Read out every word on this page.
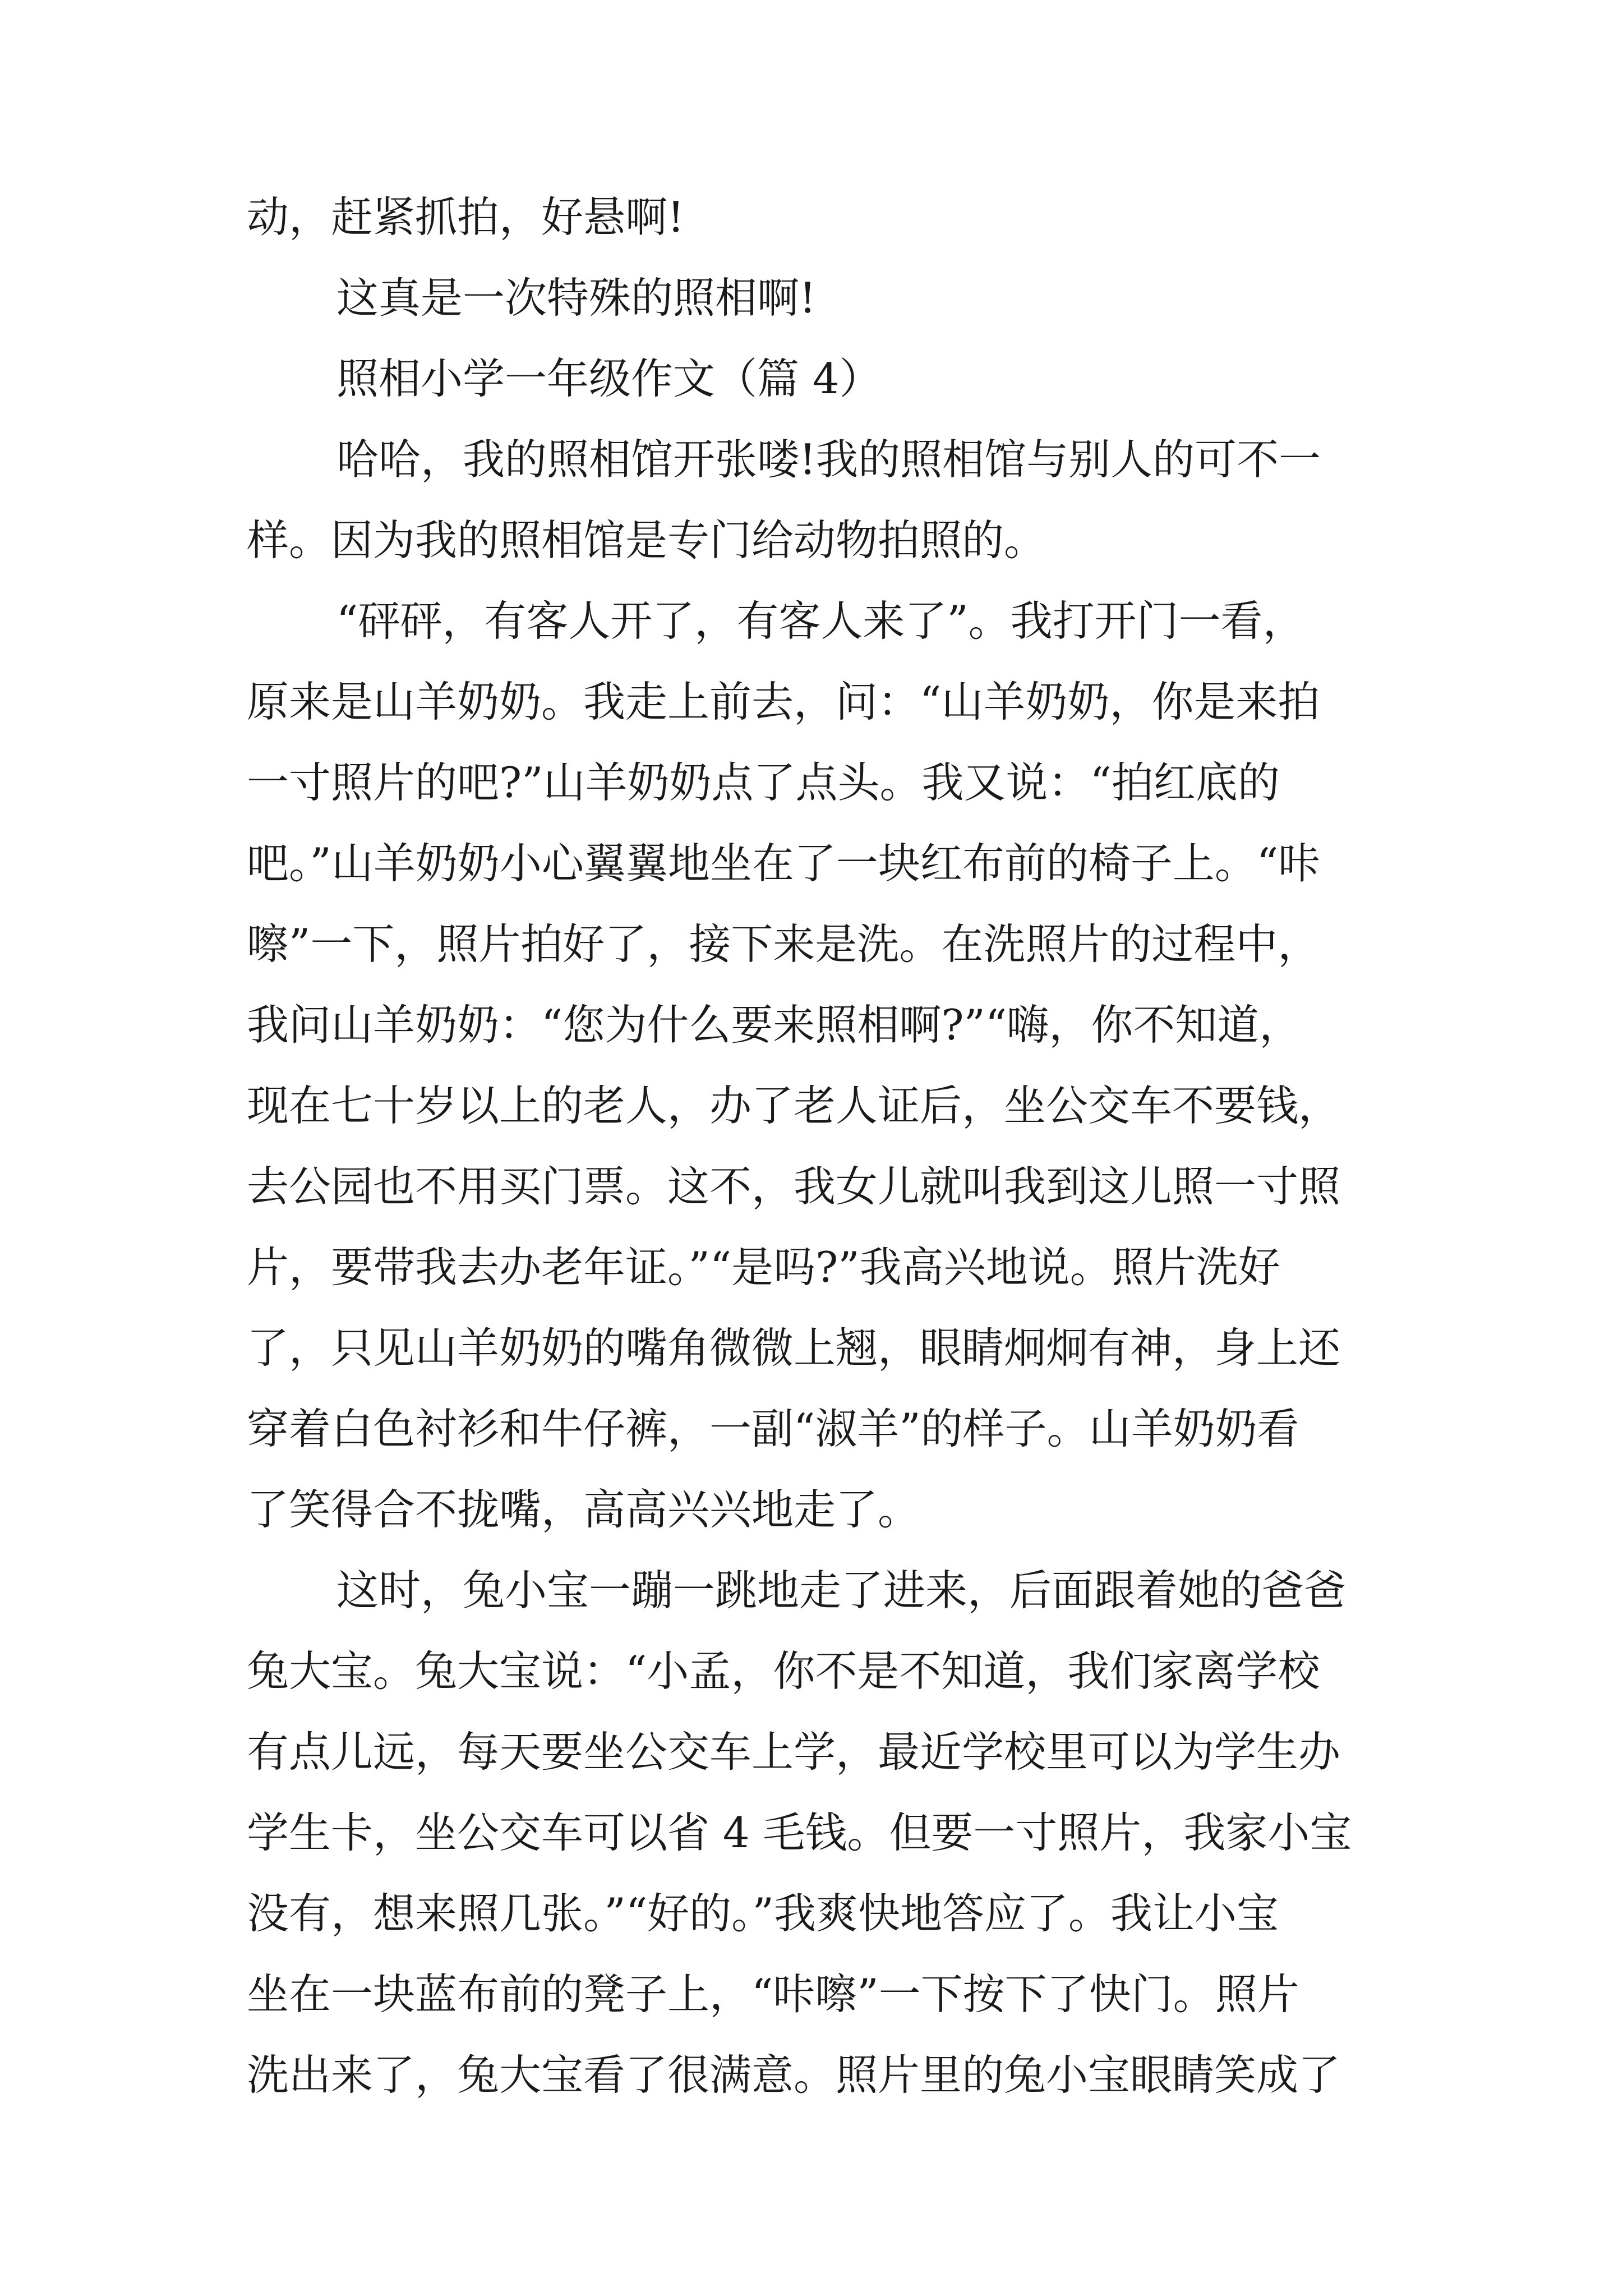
动，赶紧抓拍，好悬啊!
这真是一次特殊的照相啊!
照相小学一年级作文（篇 4）
哈哈，我的照相馆开张喽!我的照相馆与别人的可不一
样。因为我的照相馆是专门给动物拍照的。
“砰砰，有客人开了，有客人来了”。我打开门一看，
原来是山羊奶奶。我走上前去，问：“山羊奶奶，你是来拍
一寸照片的吧?”山羊奶奶点了点头。我又说：“拍红底的
吧。”山羊奶奶小心翼翼地坐在了一块红布前的椅子上。“咔
嚓”一下，照片拍好了，接下来是洗。在洗照片的过程中，
我问山羊奶奶：“您为什么要来照相啊?”“嗨，你不知道，
现在七十岁以上的老人，办了老人证后，坐公交车不要钱，
去公园也不用买门票。这不，我女儿就叫我到这儿照一寸照
片，要带我去办老年证。”“是吗?”我高兴地说。照片洗好
了，只见山羊奶奶的嘴角微微上翘，眼睛炯炯有神，身上还
穿着白色衬衫和牛仔裤，一副“淑羊”的样子。山羊奶奶看
了笑得合不拢嘴，高高兴兴地走了。
这时，兔小宝一蹦一跳地走了进来，后面跟着她的爸爸
兔大宝。兔大宝说：“小孟，你不是不知道，我们家离学校
有点儿远，每天要坐公交车上学，最近学校里可以为学生办
学生卡，坐公交车可以省 4 毛钱。但要一寸照片，我家小宝
没有，想来照几张。”“好的。”我爽快地答应了。我让小宝
坐在一块蓝布前的凳子上，“咔嚓”一下按下了快门。照片
洗出来了，兔大宝看了很满意。照片里的兔小宝眼睛笑成了
